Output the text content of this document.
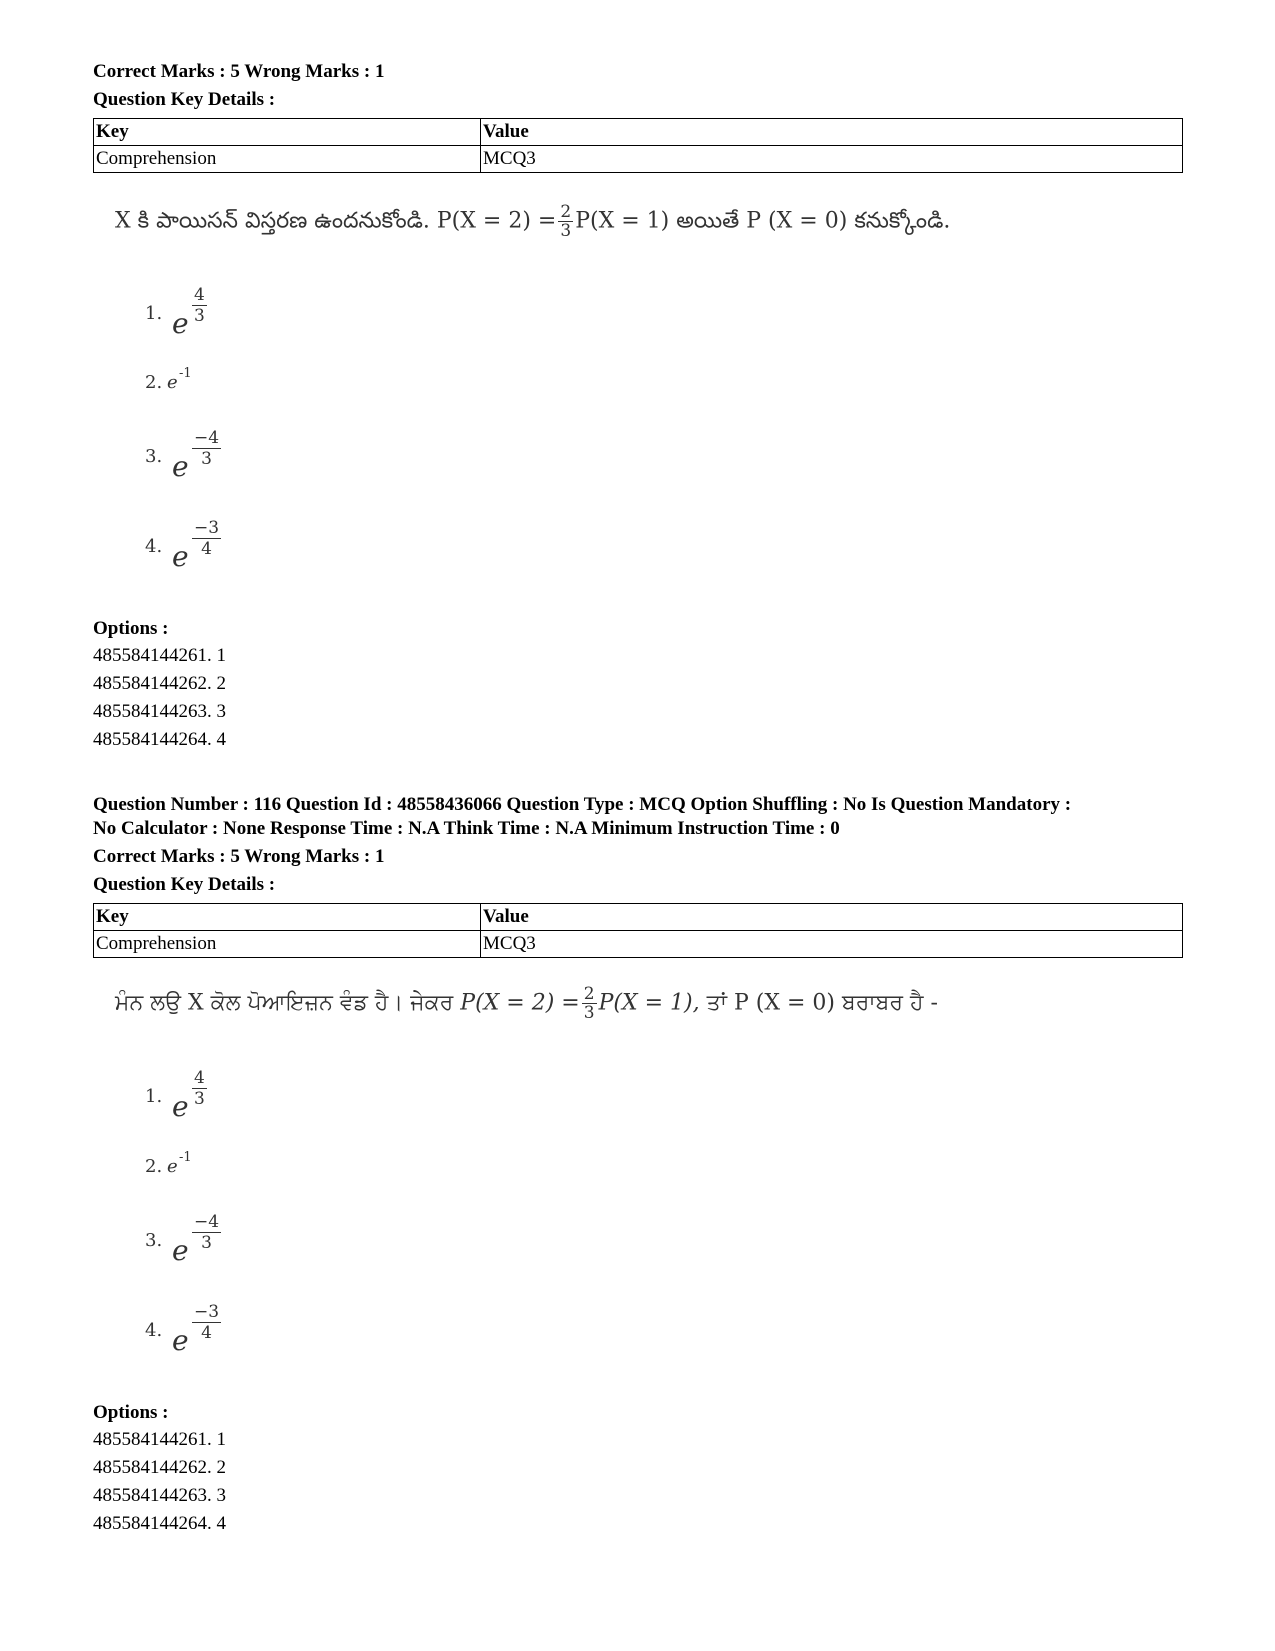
Correct Marks : 5 Wrong Marks : 1
Question Key Details :
Key	Value
Comprehension	MCQ3
X కి పాయిసన్ విస్తరణ ఉందనుకోండి. $P(X = 2) = \frac{2}{3} P(X = 1)$ అయితే P (X = 0) కనుక్కోండి.
1. e
4
3
2. e -1
3. e
−4
3
4. e
−3
4
Options :
485584144261. 1
485584144262. 2
485584144263. 3
485584144264. 4
Question Number : 116 Question Id : 48558436066 Question Type : MCQ Option Shuffling : No Is Question Mandatory :
No Calculator : None Response Time : N.A Think Time : N.A Minimum Instruction Time : 0
Correct Marks : 5 Wrong Marks : 1
Question Key Details :
Key	Value
Comprehension	MCQ3
ਮੰਨ ਲਉ X ਕੋਲ ਪੋਆਇਜ਼ਨ ਵੰਡ ਹੈ। ਜੇਕਰ $P(X = 2) = \frac{2}{3} P(X = 1)$, ਤਾਂ P (X = 0) ਬਰਾਬਰ ਹੈ -
1. e
4
3
2. e -1
3. e
−4
3
4. e
−3
4
Options :
485584144261. 1
485584144262. 2
485584144263. 3
485584144264. 4
